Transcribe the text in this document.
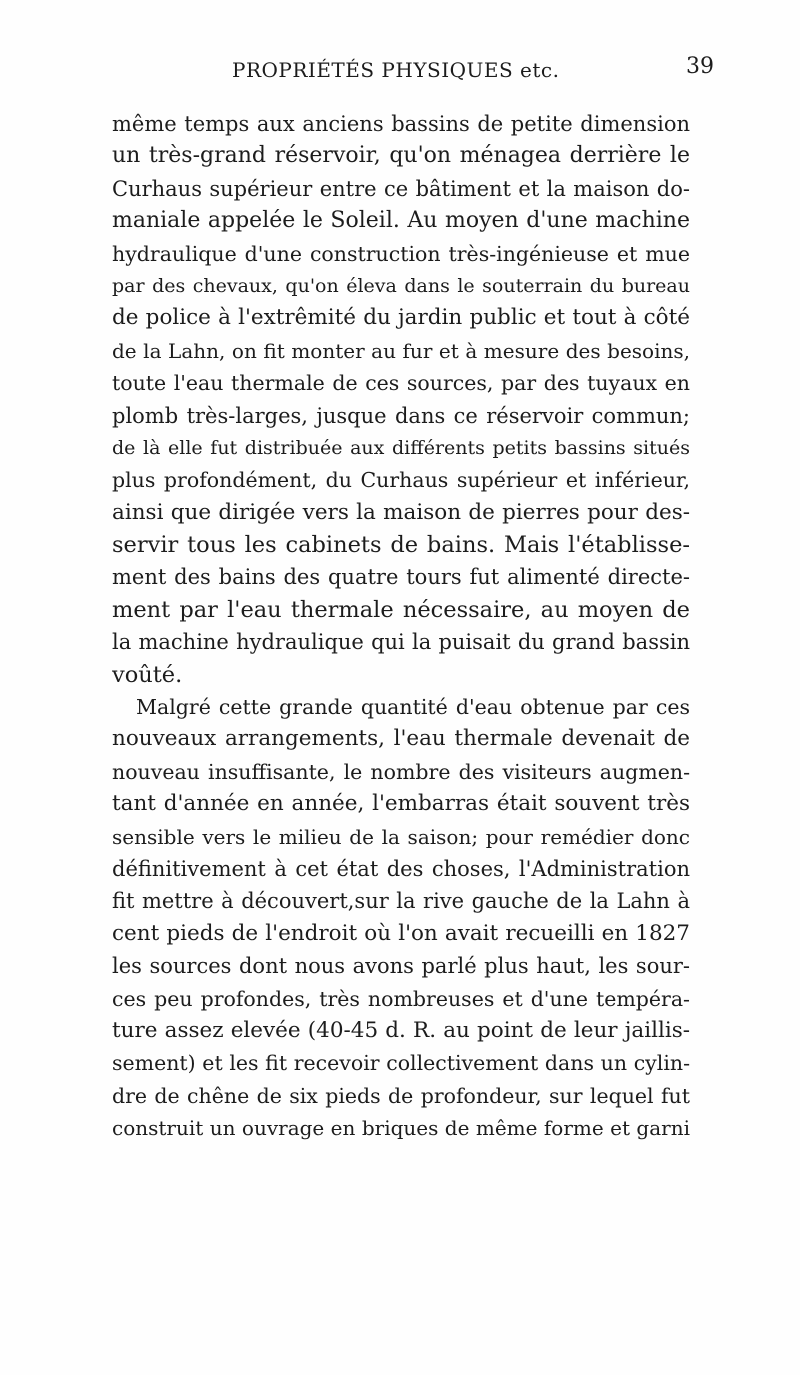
PROPRIÉTÉS PHYSIQUES etc.	39
même temps aux anciens bassins de petite dimension
un très-grand réservoir, qu'on ménagea derrière le
Curhaus supérieur entre ce bâtiment et la maison do-
maniale appelée le Soleil. Au moyen d'une machine
hydraulique d'une construction très-ingénieuse et mue
par des chevaux, qu'on éleva dans le souterrain du bureau
de police à l'extrêmité du jardin public et tout à côté
de la Lahn, on fit monter au fur et à mesure des besoins,
toute l'eau thermale de ces sources, par des tuyaux en
plomb très-larges, jusque dans ce réservoir commun;
de là elle fut distribuée aux différents petits bassins situés
plus profondément, du Curhaus supérieur et inférieur,
ainsi que dirigée vers la maison de pierres pour des-
servir tous les cabinets de bains. Mais l'établisse-
ment des bains des quatre tours fut alimenté directe-
ment par l'eau thermale nécessaire, au moyen de
la machine hydraulique qui la puisait du grand bassin
voûté.
Malgré cette grande quantité d'eau obtenue par ces
nouveaux arrangements, l'eau thermale devenait de
nouveau insuffisante, le nombre des visiteurs augmen-
tant d'année en année, l'embarras était souvent très
sensible vers le milieu de la saison; pour remédier donc
définitivement à cet état des choses, l'Administration
fit mettre à découvert,sur la rive gauche de la Lahn à
cent pieds de l'endroit où l'on avait recueilli en 1827
les sources dont nous avons parlé plus haut, les sour-
ces peu profondes, très nombreuses et d'une tempéra-
ture assez elevée (40-45 d. R. au point de leur jaillis-
sement) et les fit recevoir collectivement dans un cylin-
dre de chêne de six pieds de profondeur, sur lequel fut
construit un ouvrage en briques de même forme et garni
